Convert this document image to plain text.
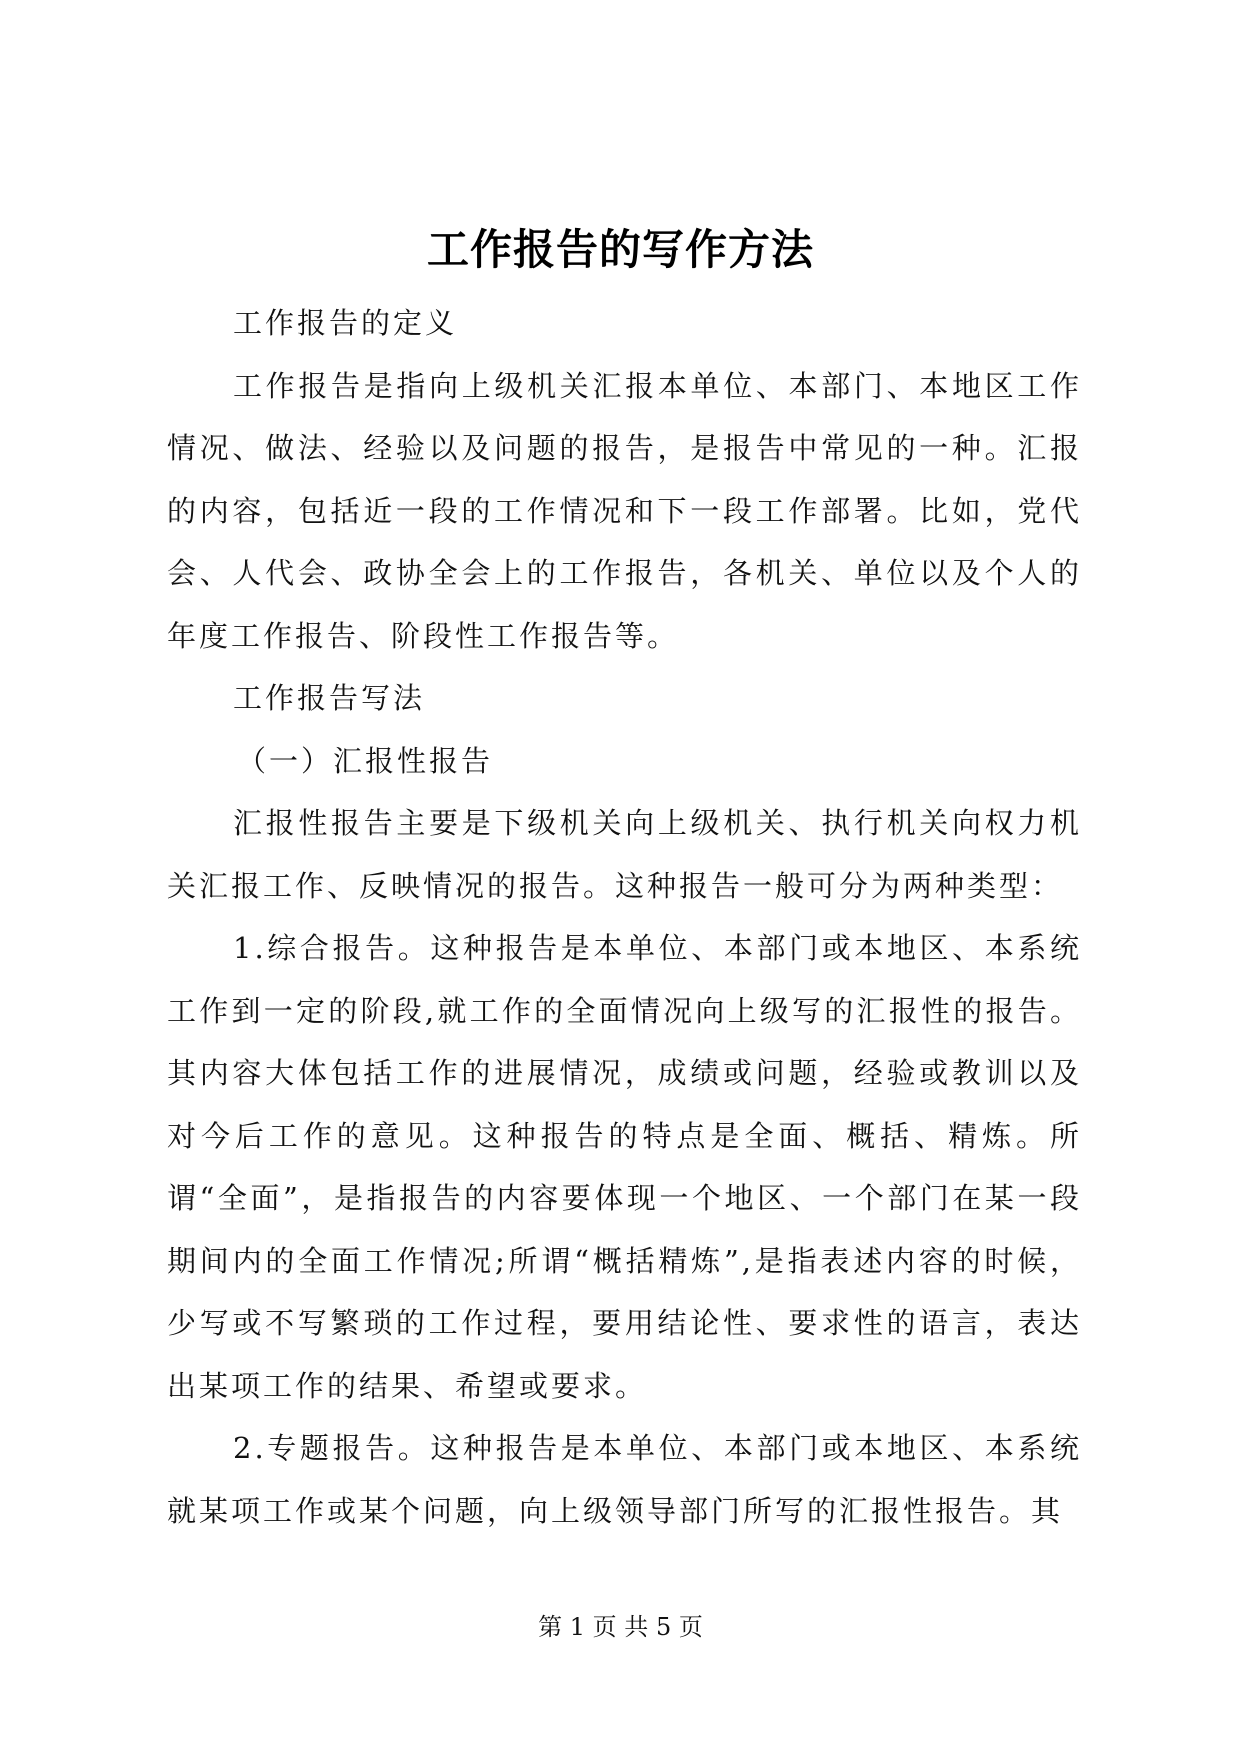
工作报告的写作方法

工作报告的定义

工作报告是指向上级机关汇报本单位、本部门、本地区工作情况、做法、经验以及问题的报告，是报告中常见的一种。汇报的内容，包括近一段的工作情况和下一段工作部署。比如，党代会、人代会、政协全会上的工作报告，各机关、单位以及个人的年度工作报告、阶段性工作报告等。

工作报告写法

（一）汇报性报告

汇报性报告主要是下级机关向上级机关、执行机关向权力机关汇报工作、反映情况的报告。这种报告一般可分为两种类型：

1.综合报告。这种报告是本单位、本部门或本地区、本系统工作到一定的阶段,就工作的全面情况向上级写的汇报性的报告。其内容大体包括工作的进展情况，成绩或问题，经验或教训以及对今后工作的意见。这种报告的特点是全面、概括、精炼。所谓“全面”，是指报告的内容要体现一个地区、一个部门在某一段期间内的全面工作情况;所谓“概括精炼”,是指表述内容的时候，少写或不写繁琐的工作过程，要用结论性、要求性的语言，表达出某项工作的结果、希望或要求。

2.专题报告。这种报告是本单位、本部门或本地区、本系统就某项工作或某个问题，向上级领导部门所写的汇报性报告。其

第 1 页 共 5 页
